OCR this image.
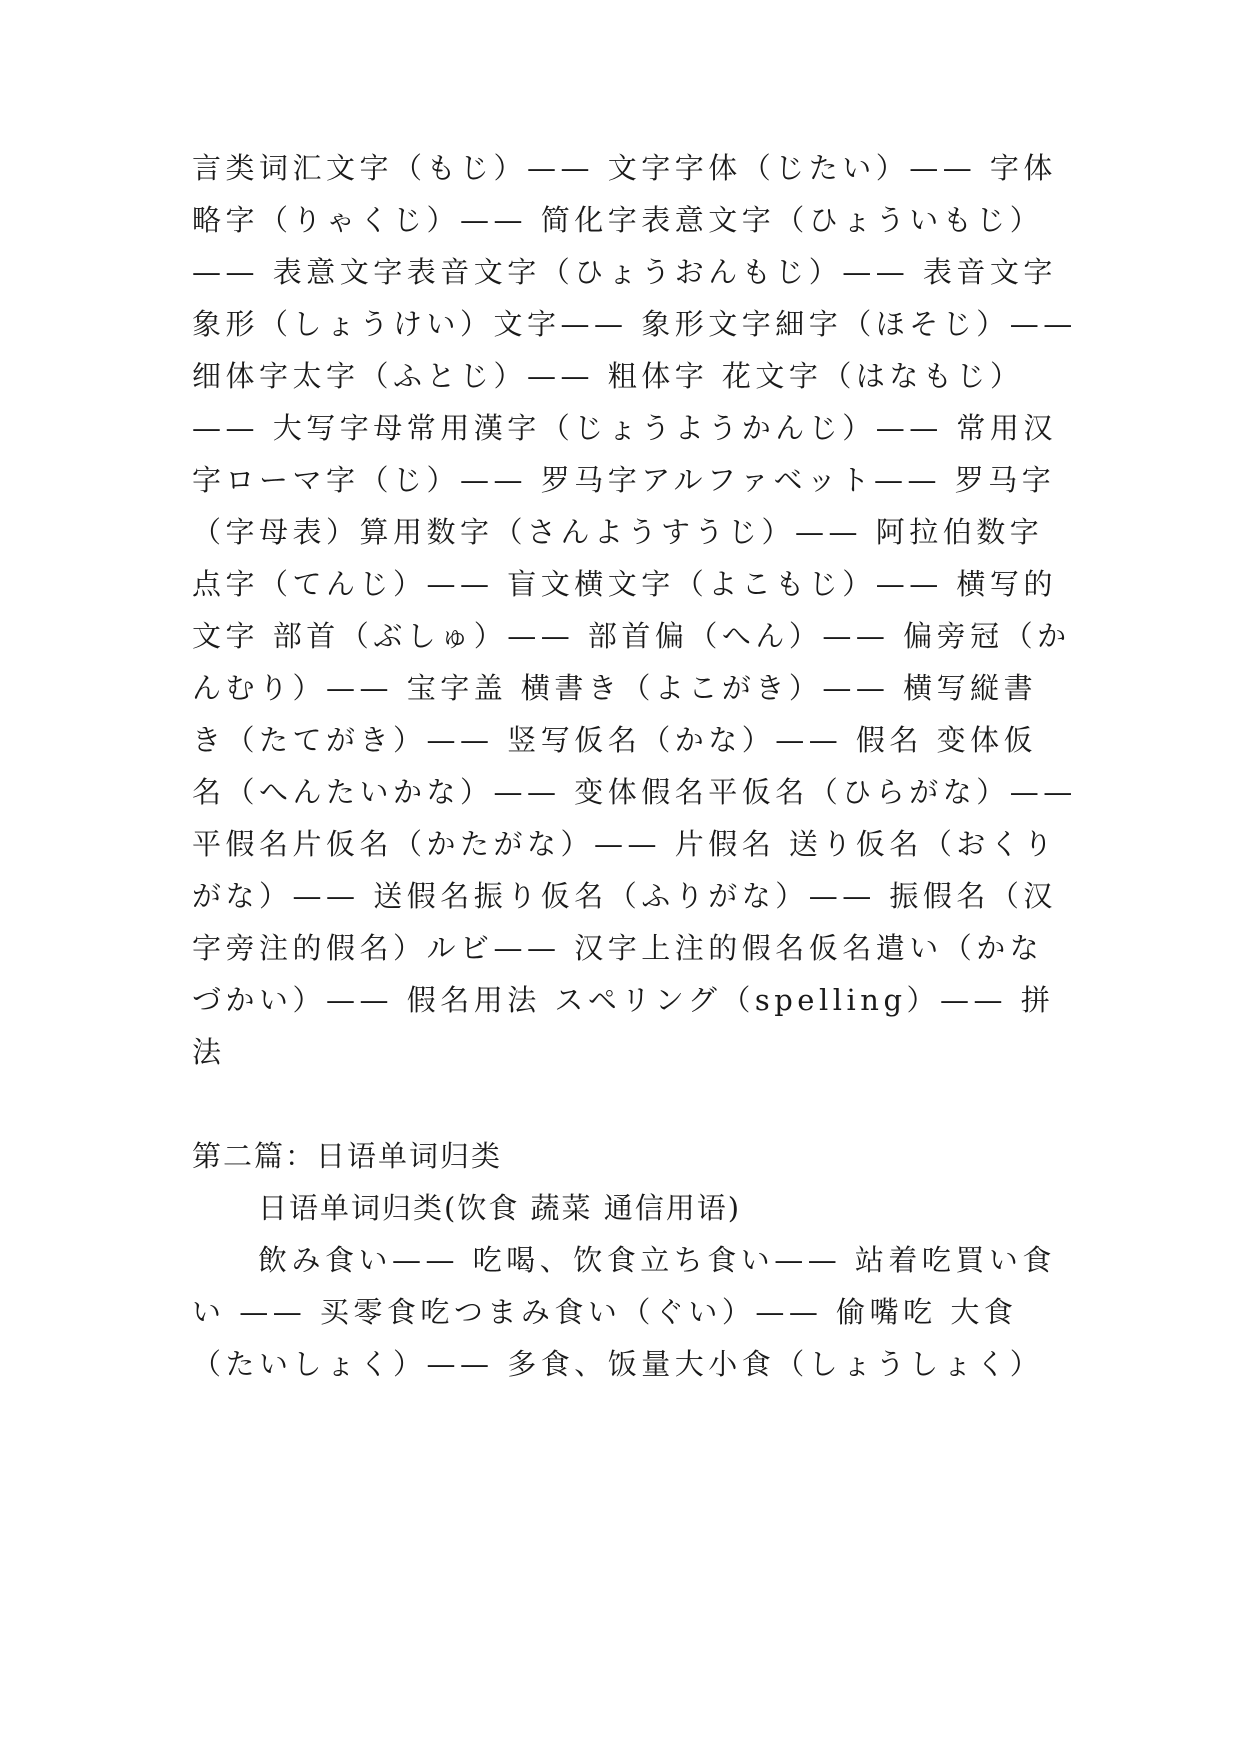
言类词汇文字（もじ）—— 文字字体（じたい）—— 字体
略字（りゃくじ）—— 简化字表意文字（ひょういもじ）
—— 表意文字表音文字（ひょうおんもじ）—— 表音文字
象形（しょうけい）文字—— 象形文字細字（ほそじ）——
细体字太字（ふとじ）—— 粗体字 花文字（はなもじ）
—— 大写字母常用漢字（じょうようかんじ）—— 常用汉
字ローマ字（じ）—— 罗马字アルファベット—— 罗马字
（字母表）算用数字（さんようすうじ）—— 阿拉伯数字
点字（てんじ）—— 盲文横文字（よこもじ）—— 横写的
文字 部首（ぶしゅ）—— 部首偏（へん）—— 偏旁冠（か
んむり）—— 宝字盖 横書き（よこがき）—— 横写縦書
き（たてがき）—— 竖写仮名（かな）—— 假名 变体仮
名（へんたいかな）—— 变体假名平仮名（ひらがな）——
平假名片仮名（かたがな）—— 片假名 送り仮名（おくり
がな）—— 送假名振り仮名（ふりがな）—— 振假名（汉
字旁注的假名）ルビ—— 汉字上注的假名仮名遣い（かな
づかい）—— 假名用法 スペリング（spelling）—— 拼
法
第二篇：日语单词归类
日语单词归类(饮食 蔬菜 通信用语)
飲み食い—— 吃喝、饮食立ち食い—— 站着吃買い食
い —— 买零食吃つまみ食い（ぐい）—— 偷嘴吃 大食
（たいしょく）—— 多食、饭量大小食（しょうしょく）
